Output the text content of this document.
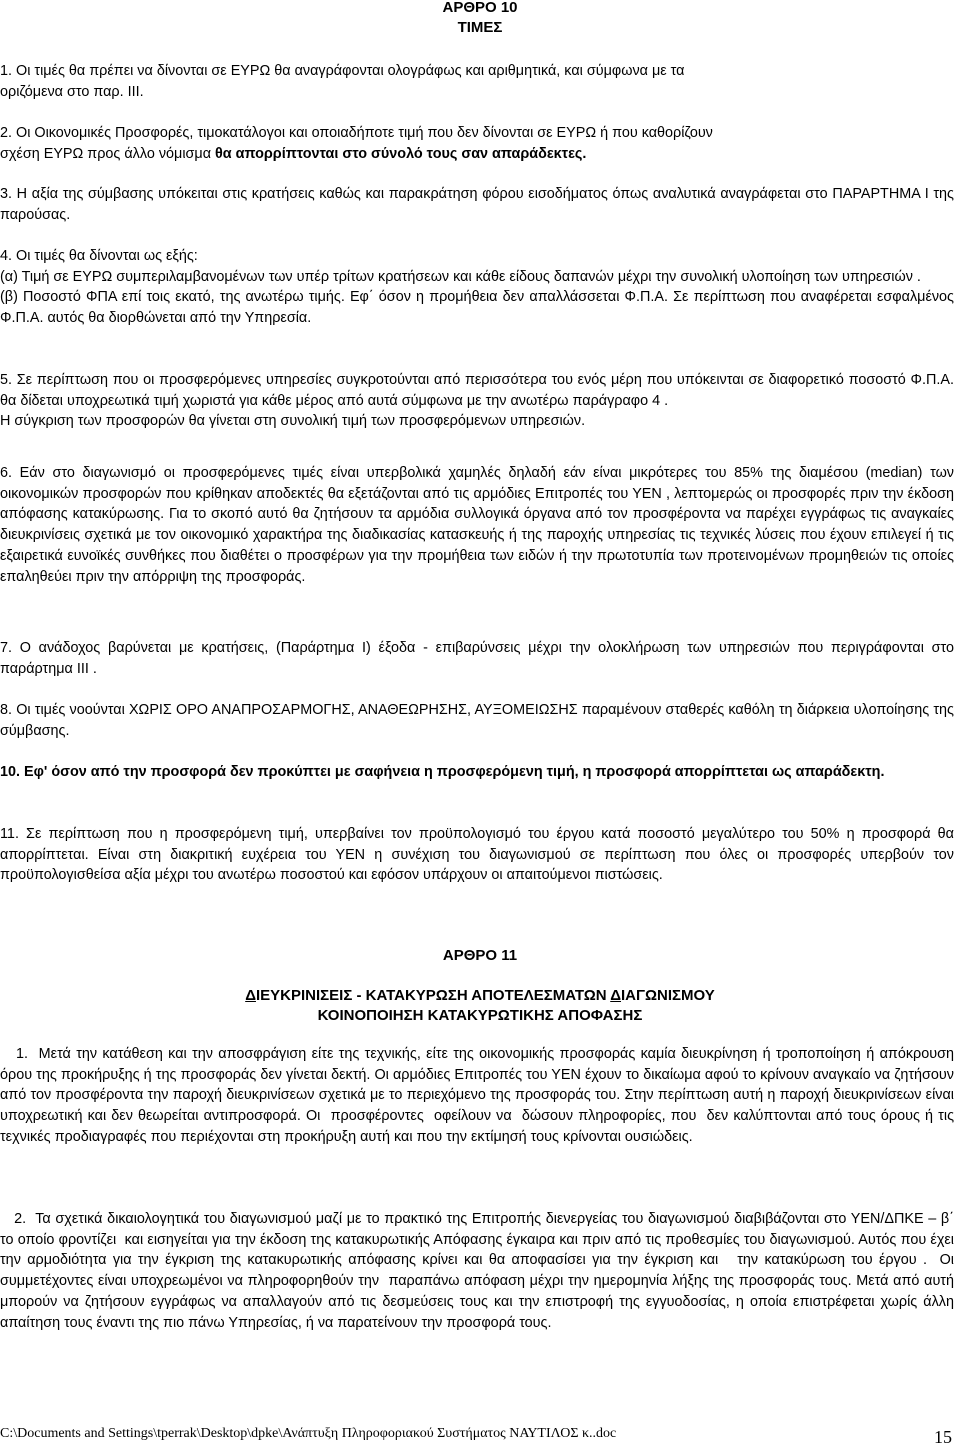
ΑΡΘΡΟ 10
ΤΙΜΕΣ
1. Οι τιμές θα πρέπει να δίνονται σε ΕΥΡΩ θα αναγράφονται ολογράφως και αριθμητικά, και σύμφωνα με τα
οριζόμενα στο παρ. ΙΙΙ.
2. Οι Οικονομικές Προσφορές, τιμοκατάλογοι και οποιαδήποτε τιμή που δεν δίνονται σε ΕΥΡΩ ή που καθορίζουν
σχέση ΕΥΡΩ προς άλλο νόμισμα θα απορρίπτονται στο σύνολό τους σαν απαράδεκτες.
3. Η αξία της σύμβασης υπόκειται στις κρατήσεις καθώς και παρακράτηση φόρου εισοδήματος όπως αναλυτικά αναγράφεται στο ΠΑΡΑΡΤΗΜΑ Ι της παρούσας.
4. Οι τιμές θα δίνονται ως εξής:
(α) Τιμή σε ΕΥΡΩ συμπεριλαμβανομένων των υπέρ τρίτων κρατήσεων και κάθε είδους δαπανών μέχρι την συνολική υλοποίηση των υπηρεσιών .
(β) Ποσοστό ΦΠΑ επί τοις εκατό, της ανωτέρω τιμής. Εφ΄ όσον η προμήθεια δεν απαλλάσσεται Φ.Π.Α. Σε περίπτωση που αναφέρεται εσφαλμένος Φ.Π.Α. αυτός θα διορθώνεται από την Υπηρεσία.
5. Σε περίπτωση που οι προσφερόμενες υπηρεσίες συγκροτούνται από περισσότερα του ενός μέρη που υπόκεινται σε διαφορετικό ποσοστό Φ.Π.Α. θα δίδεται υποχρεωτικά τιμή χωριστά για κάθε μέρος από αυτά σύμφωνα με την ανωτέρω παράγραφο 4 .
Η σύγκριση των προσφορών θα γίνεται στη συνολική τιμή των προσφερόμενων υπηρεσιών.
6. Εάν στο διαγωνισμό οι προσφερόμενες τιμές είναι υπερβολικά χαμηλές δηλαδή εάν είναι μικρότερες του 85% της διαμέσου (median) των οικονομικών προσφορών που κρίθηκαν αποδεκτές θα εξετάζονται από τις αρμόδιες Επιτροπές του ΥΕΝ , λεπτομερώς οι προσφορές πριν την έκδοση απόφασης κατακύρωσης. Για το σκοπό αυτό θα ζητήσουν τα αρμόδια συλλογικά όργανα από τον προσφέροντα να παρέχει εγγράφως τις αναγκαίες διευκρινίσεις σχετικά με τον οικονομικό χαρακτήρα της διαδικασίας κατασκευής ή της παροχής υπηρεσίας τις τεχνικές λύσεις που έχουν επιλεγεί ή τις εξαιρετικά ευνοϊκές συνθήκες που διαθέτει ο προσφέρων για την προμήθεια των ειδών ή την πρωτοτυπία των προτεινομένων προμηθειών τις οποίες επαληθεύει πριν την απόρριψη της προσφοράς.
7. Ο ανάδοχος βαρύνεται με κρατήσεις, (Παράρτημα Ι) έξοδα - επιβαρύνσεις μέχρι την ολοκλήρωση των υπηρεσιών που περιγράφονται στο παράρτημα ΙΙΙ .
8. Οι τιμές νοούνται ΧΩΡΙΣ ΟΡΟ ΑΝΑΠΡΟΣΑΡΜΟΓΗΣ, ΑΝΑΘΕΩΡΗΣΗΣ, ΑΥΞΟΜΕΙΩΣΗΣ παραμένουν σταθερές καθόλη τη διάρκεια υλοποίησης της σύμβασης.
10. Εφ' όσον από την προσφορά δεν προκύπτει με σαφήνεια η προσφερόμενη τιμή, η προσφορά απορρίπτεται ως απαράδεκτη.
11. Σε περίπτωση που η προσφερόμενη τιμή, υπερβαίνει τον προϋπολογισμό του έργου κατά ποσοστό μεγαλύτερο του 50% η προσφορά θα απορρίπτεται. Είναι στη διακριτική ευχέρεια του ΥΕΝ η συνέχιση του διαγωνισμού σε περίπτωση που όλες οι προσφορές υπερβούν τον προϋπολογισθείσα αξία μέχρι του ανωτέρω ποσοστού και εφόσον υπάρχουν οι απαιτούμενοι πιστώσεις.
ΑΡΘΡΟ 11
ΔΙΕΥΚΡΙΝΙΣΕΙΣ - ΚΑΤΑΚΥΡΩΣΗ ΑΠΟΤΕΛΕΣΜΑΤΩΝ ΔΙΑΓΩΝΙΣΜΟΥ
ΚΟΙΝΟΠΟΙΗΣΗ ΚΑΤΑΚΥΡΩΤΙΚΗΣ ΑΠΟΦΑΣΗΣ
1.  Μετά την κατάθεση και την αποσφράγιση είτε της τεχνικής, είτε της οικονομικής προσφοράς καμία διευκρίνηση ή τροποποίηση ή απόκρουση όρου της προκήρυξης ή της προσφοράς δεν γίνεται δεκτή. Οι αρμόδιες Επιτροπές του ΥΕΝ έχουν το δικαίωμα αφού το κρίνουν αναγκαίο να ζητήσουν από τον προσφέροντα την παροχή διευκρινίσεων σχετικά με το περιεχόμενο της προσφοράς του. Στην περίπτωση αυτή η παροχή διευκρινίσεων είναι υποχρεωτική και δεν θεωρείται αντιπροσφορά. Οι  προσφέροντες  οφείλουν να  δώσουν πληροφορίες, που  δεν καλύπτονται από τους όρους ή τις τεχνικές προδιαγραφές που περιέχονται στη προκήρυξη αυτή και που την εκτίμησή τους κρίνονται ουσιώδεις.
2.  Τα σχετικά δικαιολογητικά του διαγωνισμού μαζί με το πρακτικό της Επιτροπής διενεργείας του διαγωνισμού διαβιβάζονται στο ΥΕΝ/ΔΠΚΕ – β΄ το οποίο φροντίζει  και εισηγείται για την έκδοση της κατακυρωτικής Απόφασης έγκαιρα και πριν από τις προθεσμίες του διαγωνισμού. Αυτός που έχει την αρμοδιότητα για την έγκριση της κατακυρωτικής απόφασης κρίνει και θα αποφασίσει για την έγκριση και   την κατακύρωση του έργου .  Οι συμμετέχοντες είναι υποχρεωμένοι να πληροφορηθούν την  παραπάνω απόφαση μέχρι την ημερομηνία λήξης της προσφοράς τους. Μετά από αυτή μπορούν να ζητήσουν εγγράφως να απαλλαγούν από τις δεσμεύσεις τους και την επιστροφή της εγγυοδοσίας, η οποία επιστρέφεται χωρίς άλλη απαίτηση τους έναντι της πιο πάνω Υπηρεσίας, ή να παρατείνουν την προσφορά τους.
C:\Documents and Settings\tperrak\Desktop\dpke\Ανάπτυξη Πληροφοριακού Συστήματος ΝΑΥΤΙΛΟΣ κ..doc	15
